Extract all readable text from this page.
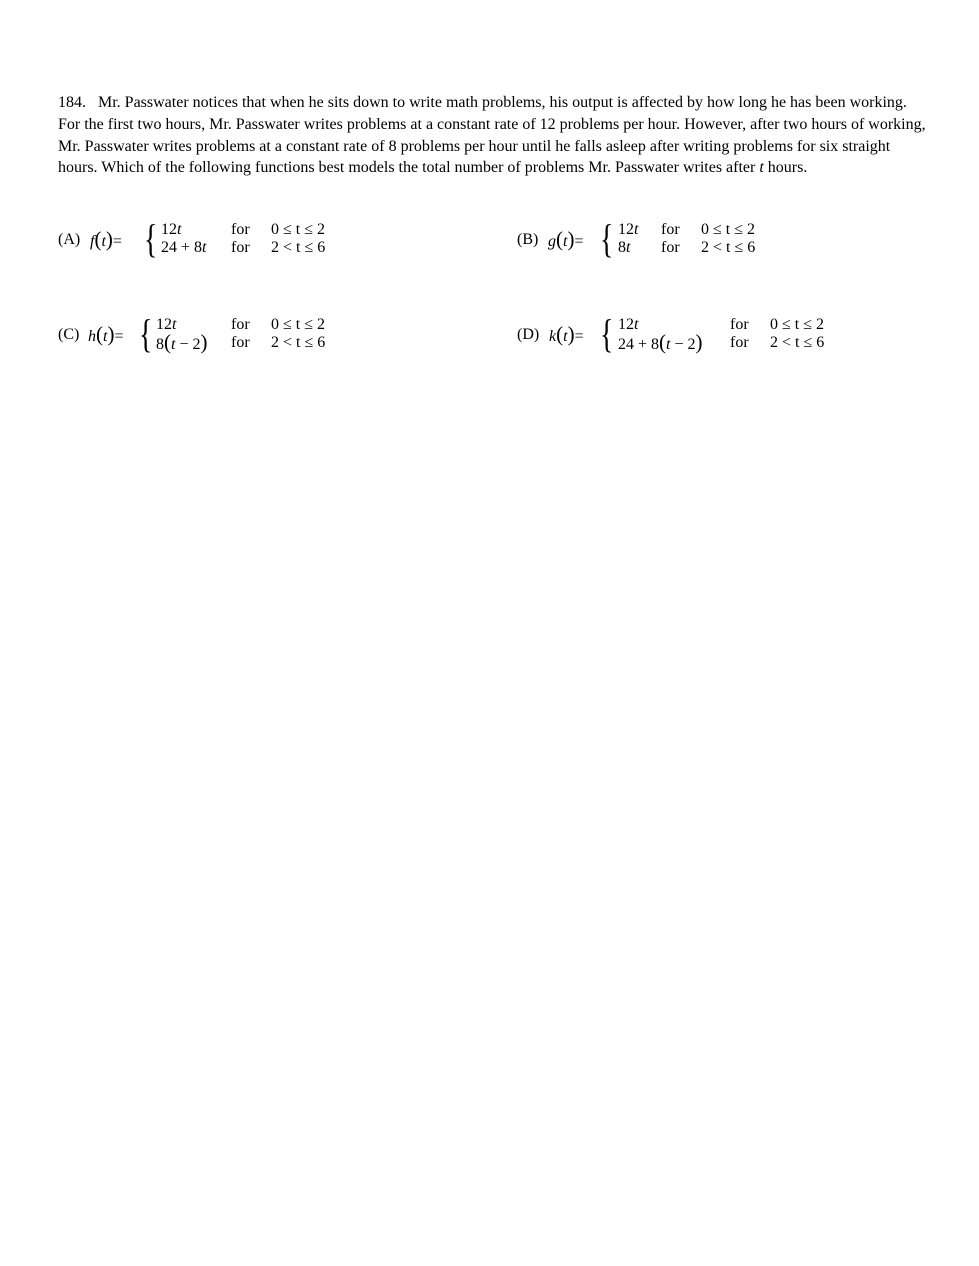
184. Mr. Passwater notices that when he sits down to write math problems, his output is affected by how long he has been working. For the first two hours, Mr. Passwater writes problems at a constant rate of 12 problems per hour. However, after two hours of working, Mr. Passwater writes problems at a constant rate of 8 problems per hour until he falls asleep after writing problems for six straight hours. Which of the following functions best models the total number of problems Mr. Passwater writes after t hours.
(A) f(t)= { 12t
24 + 8t
for
for
0 ≤ t ≤ 2
2 < t ≤ 6	(B) g(t)= { 12t
8t
for
for
0 ≤ t ≤ 2
2 < t ≤ 6
(C) h(t)= { 12t
8(t − 2)
for
for
0 ≤ t ≤ 2
2 < t ≤ 6	(D) k(t)= { 12t
24 + 8(t − 2)
for
for
0 ≤ t ≤ 2
2 < t ≤ 6
